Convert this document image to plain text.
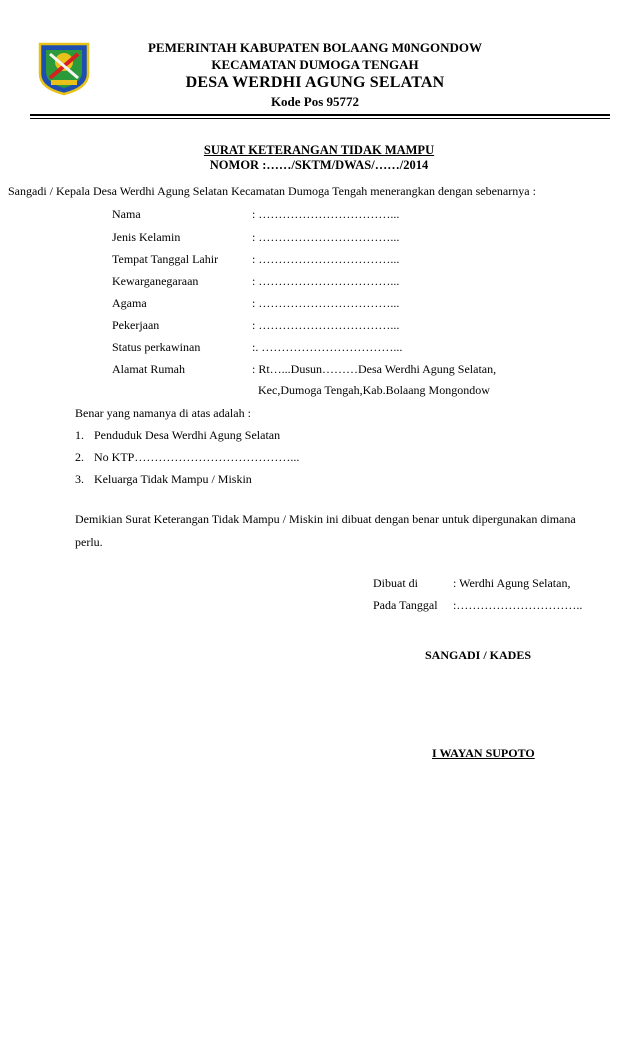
PEMERINTAH KABUPATEN BOLAANG M0NGONDOW
KECAMATAN DUMOGA TENGAH
DESA WERDHI AGUNG SELATAN
Kode Pos 95772
SURAT KETERANGAN TIDAK MAMPU
NOMOR :……/SKTM/DWAS/……/2014
Sangadi / Kepala Desa Werdhi Agung Selatan Kecamatan Dumoga Tengah menerangkan dengan sebenarnya :
Nama	: ……………………………...
Jenis Kelamin	: ……………………………...
Tempat Tanggal Lahir	: ……………………………...
Kewarganegaraan	: ……………………………...
Agama	: ……………………………...
Pekerjaan	: ……………………………...
Status perkawinan	:. ……………………………...
Alamat Rumah	: Rt…...Dusun………Desa Werdhi Agung Selatan,
Kec,Dumoga Tengah,Kab.Bolaang Mongondow
Benar yang namanya di atas adalah :
1. Penduduk Desa Werdhi Agung Selatan
2. No KTP…………………………………...
3. Keluarga Tidak Mampu / Miskin
Demikian Surat Keterangan Tidak Mampu / Miskin ini dibuat dengan benar untuk dipergunakan dimana
perlu.
Dibuat di	: Werdhi Agung Selatan,
Pada Tanggal :…………………………..
SANGADI / KADES
I WAYAN SUPOTO
